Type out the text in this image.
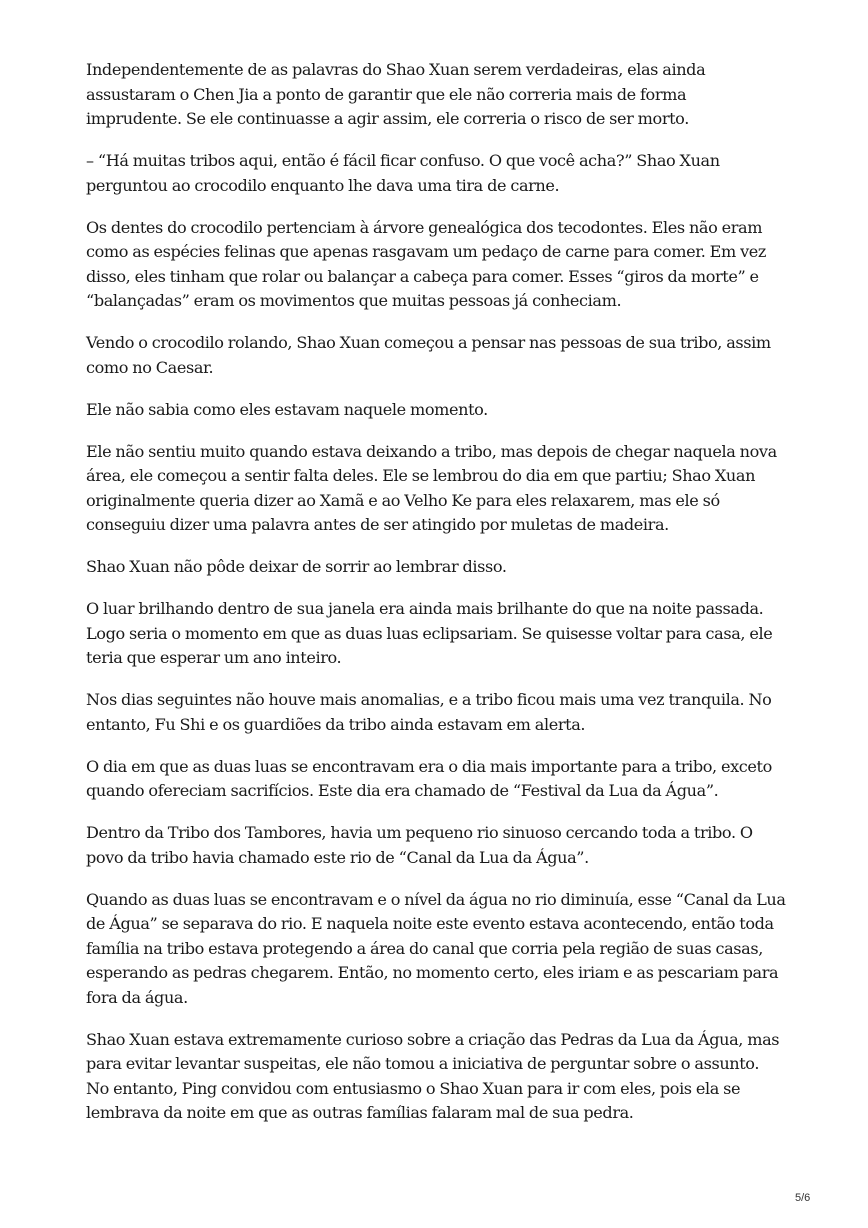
Independentemente de as palavras do Shao Xuan serem verdadeiras, elas ainda assustaram o Chen Jia a ponto de garantir que ele não correria mais de forma imprudente. Se ele continuasse a agir assim, ele correria o risco de ser morto.

– “Há muitas tribos aqui, então é fácil ficar confuso. O que você acha?” Shao Xuan perguntou ao crocodilo enquanto lhe dava uma tira de carne.

Os dentes do crocodilo pertenciam à árvore genealógica dos tecodontes. Eles não eram como as espécies felinas que apenas rasgavam um pedaço de carne para comer. Em vez disso, eles tinham que rolar ou balançar a cabeça para comer. Esses “giros da morte” e “balançadas” eram os movimentos que muitas pessoas já conheciam.

Vendo o crocodilo rolando, Shao Xuan começou a pensar nas pessoas de sua tribo, assim como no Caesar.

Ele não sabia como eles estavam naquele momento.

Ele não sentiu muito quando estava deixando a tribo, mas depois de chegar naquela nova área, ele começou a sentir falta deles. Ele se lembrou do dia em que partiu; Shao Xuan originalmente queria dizer ao Xamã e ao Velho Ke para eles relaxarem, mas ele só conseguiu dizer uma palavra antes de ser atingido por muletas de madeira.

Shao Xuan não pôde deixar de sorrir ao lembrar disso.

O luar brilhando dentro de sua janela era ainda mais brilhante do que na noite passada. Logo seria o momento em que as duas luas eclipsariam. Se quisesse voltar para casa, ele teria que esperar um ano inteiro.

Nos dias seguintes não houve mais anomalias, e a tribo ficou mais uma vez tranquila. No entanto, Fu Shi e os guardiões da tribo ainda estavam em alerta.

O dia em que as duas luas se encontravam era o dia mais importante para a tribo, exceto quando ofereciam sacrifícios. Este dia era chamado de “Festival da Lua da Água”.

Dentro da Tribo dos Tambores, havia um pequeno rio sinuoso cercando toda a tribo. O povo da tribo havia chamado este rio de “Canal da Lua da Água”.

Quando as duas luas se encontravam e o nível da água no rio diminuía, esse “Canal da Lua de Água” se separava do rio. E naquela noite este evento estava acontecendo, então toda família na tribo estava protegendo a área do canal que corria pela região de suas casas, esperando as pedras chegarem. Então, no momento certo, eles iriam e as pescariam para fora da água.

Shao Xuan estava extremamente curioso sobre a criação das Pedras da Lua da Água, mas para evitar levantar suspeitas, ele não tomou a iniciativa de perguntar sobre o assunto. No entanto, Ping convidou com entusiasmo o Shao Xuan para ir com eles, pois ela se lembrava da noite em que as outras famílias falaram mal de sua pedra.

5/6
